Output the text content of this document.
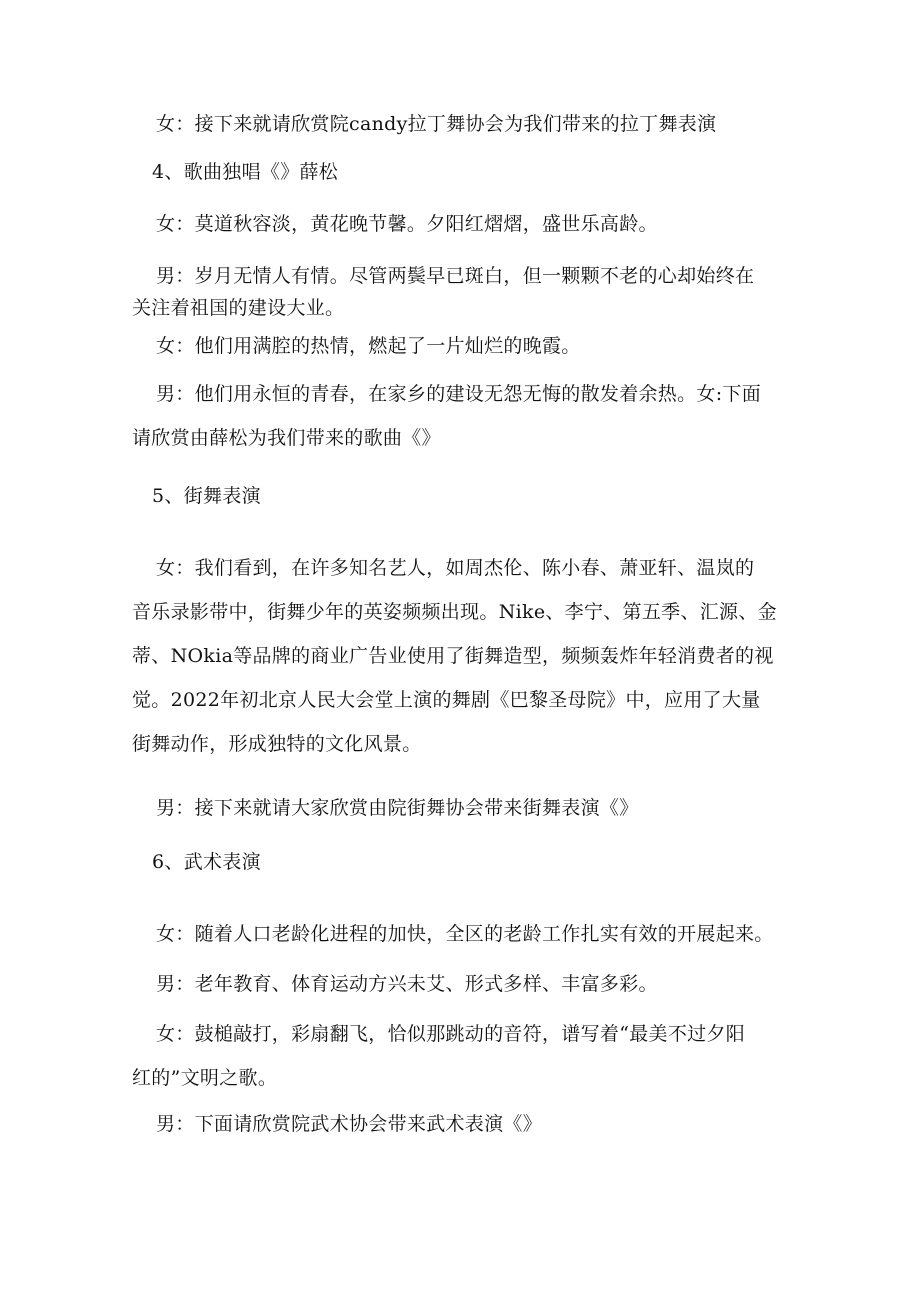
女：接下来就请欣赏院candy拉丁舞协会为我们带来的拉丁舞表演
4、歌曲独唱《》薛松
女：莫道秋容淡，黄花晚节馨。夕阳红熠熠，盛世乐高龄。
男：岁月无情人有情。尽管两鬓早已斑白，但一颗颗不老的心却始终在
关注着祖国的建设大业。
女：他们用满腔的热情，燃起了一片灿烂的晚霞。
男：他们用永恒的青春，在家乡的建设无怨无悔的散发着余热。女:下面
请欣赏由薛松为我们带来的歌曲《》
5、街舞表演
女：我们看到，在许多知名艺人，如周杰伦、陈小春、萧亚轩、温岚的
音乐录影带中，街舞少年的英姿频频出现。Nike、李宁、第五季、汇源、金
蒂、NOkia等品牌的商业广告业使用了街舞造型，频频轰炸年轻消费者的视
觉。2022年初北京人民大会堂上演的舞剧《巴黎圣母院》中，应用了大量
街舞动作，形成独特的文化风景。
男：接下来就请大家欣赏由院街舞协会带来街舞表演《》
6、武术表演
女：随着人口老龄化进程的加快，全区的老龄工作扎实有效的开展起来。
男：老年教育、体育运动方兴未艾、形式多样、丰富多彩。
女：鼓槌敲打，彩扇翻飞，恰似那跳动的音符，谱写着“最美不过夕阳
红的”文明之歌。
男：下面请欣赏院武术协会带来武术表演《》
